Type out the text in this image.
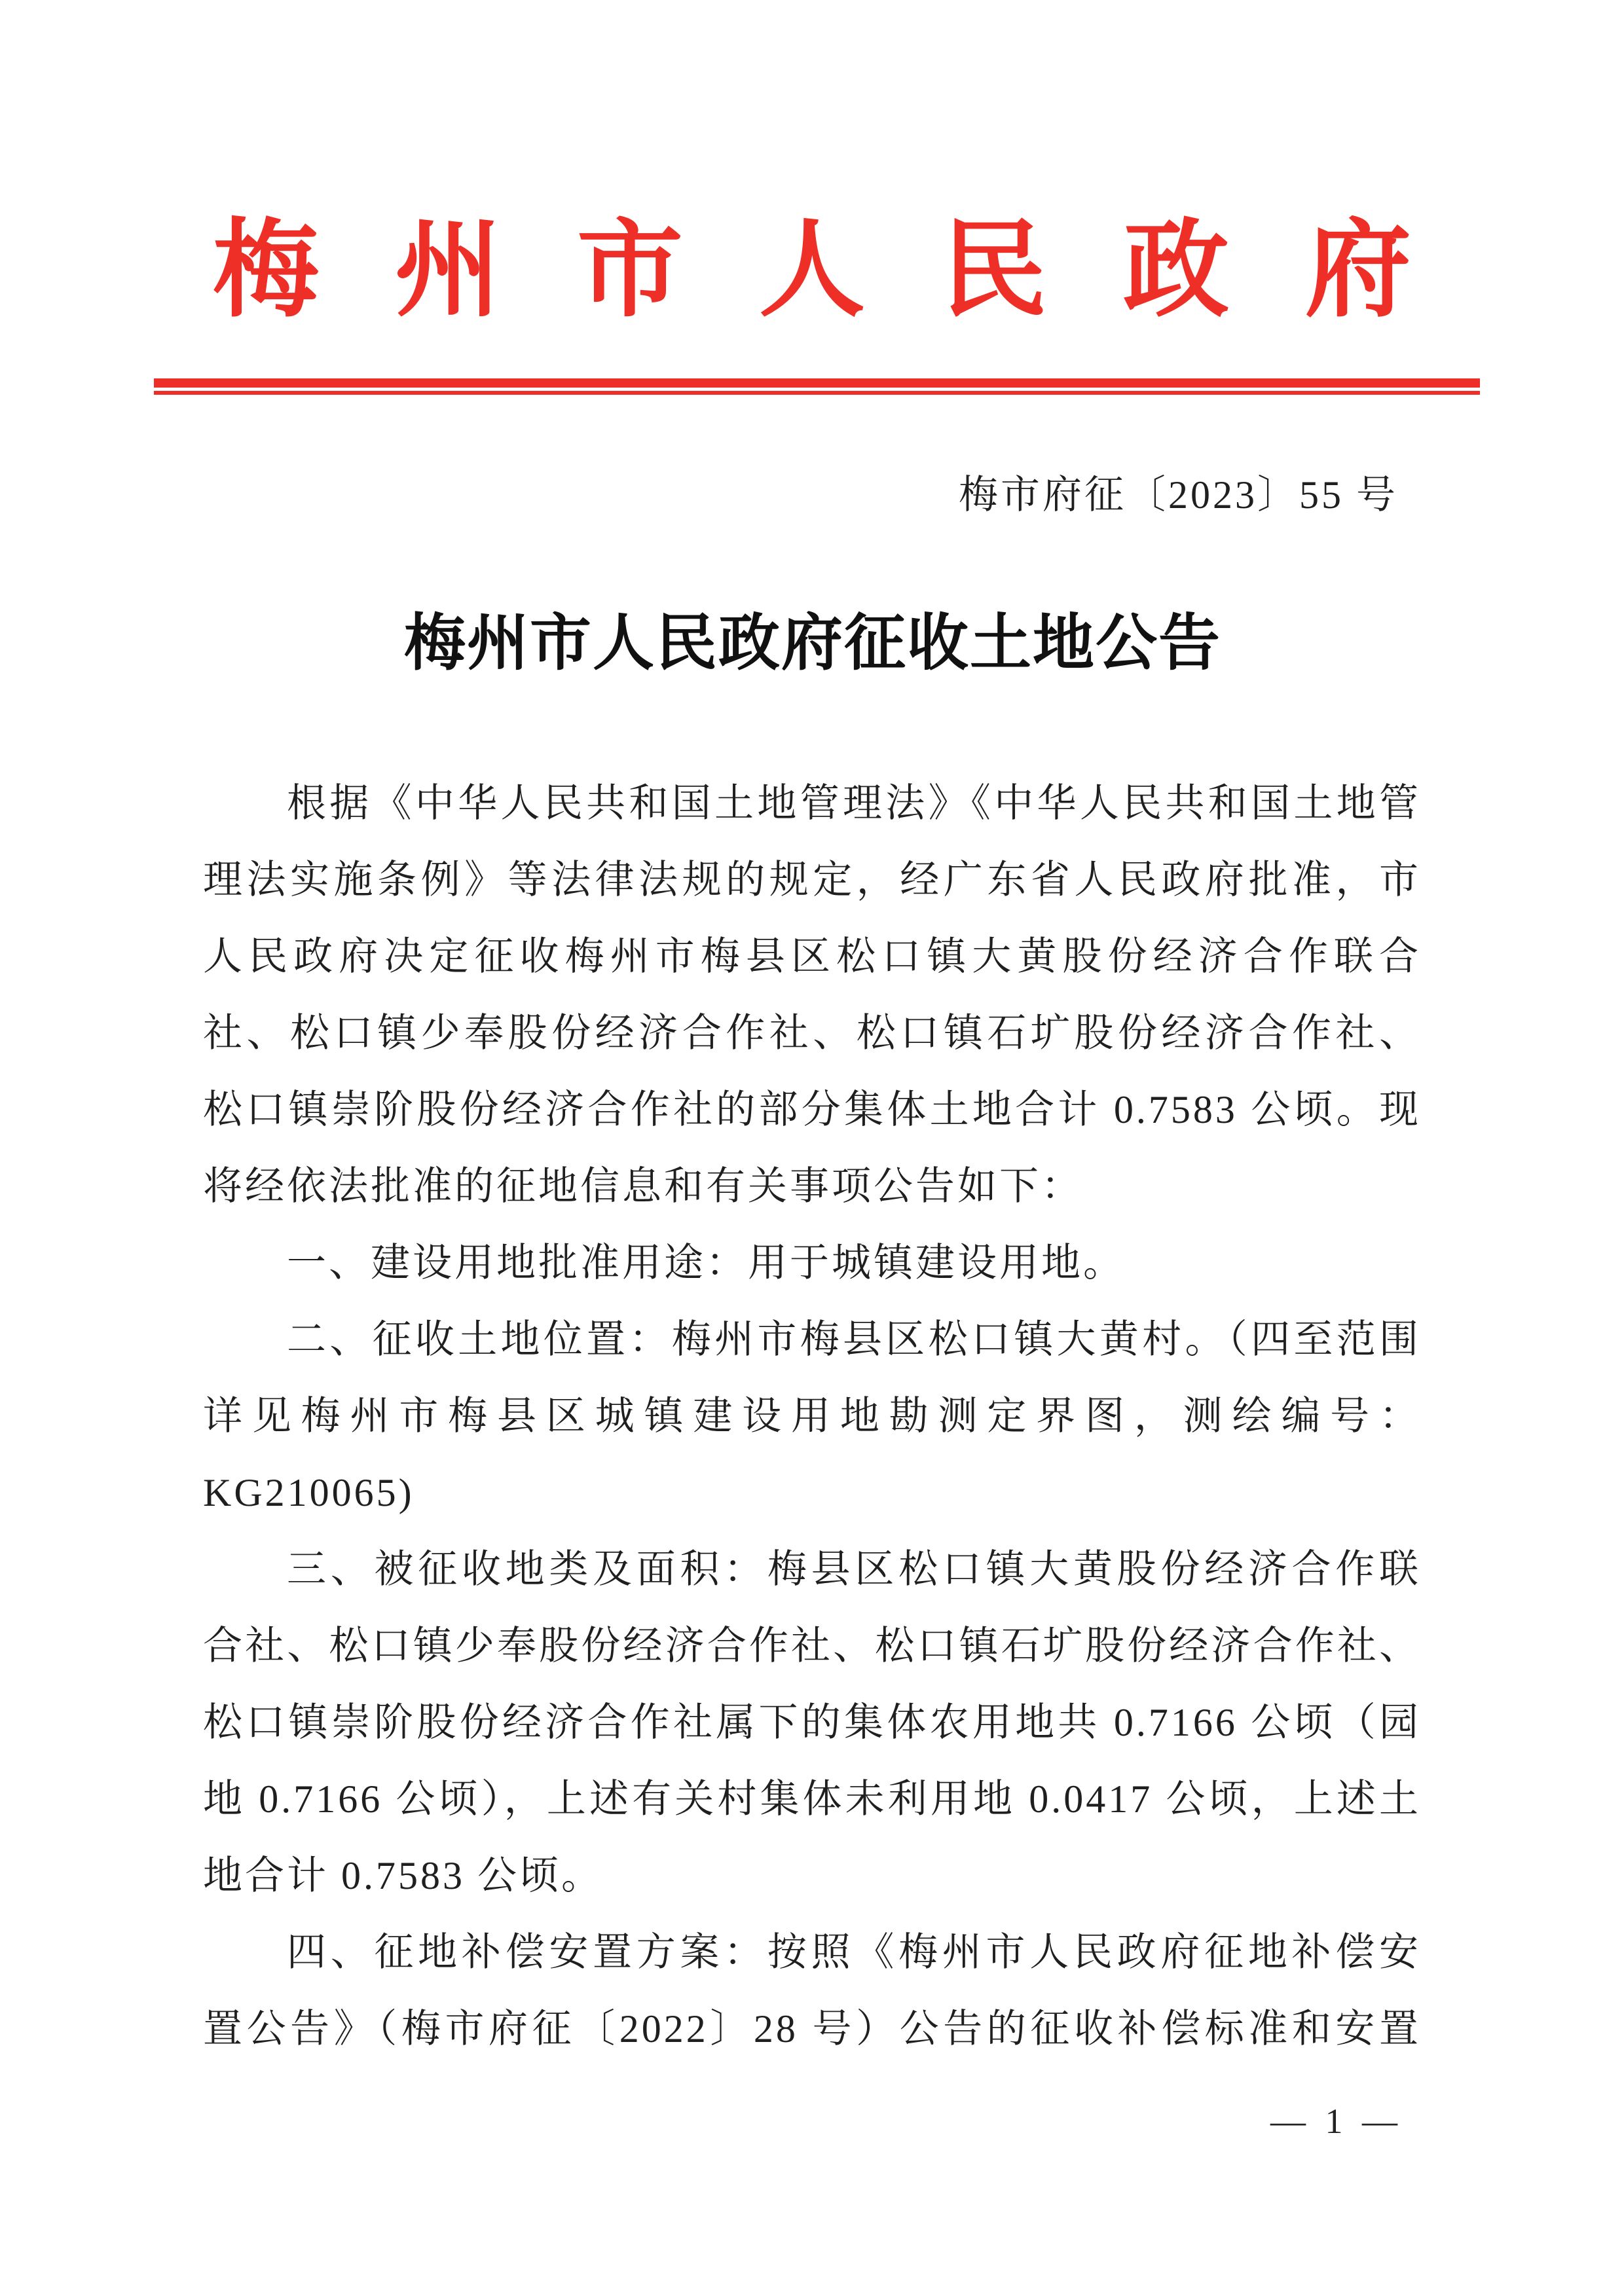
梅州市人民政府
梅市府征〔2023〕55 号
梅州市人民政府征收土地公告
根据《中华人民共和国土地管理法》《中华人民共和国土地管
理法实施条例》等法律法规的规定，经广东省人民政府批准，市
人民政府决定征收梅州市梅县区松口镇大黄股份经济合作联合
社、松口镇少奉股份经济合作社、松口镇石圹股份经济合作社、
松口镇崇阶股份经济合作社的部分集体土地合计 0.7583 公顷。现
将经依法批准的征地信息和有关事项公告如下：
一、建设用地批准用途：用于城镇建设用地。
二、征收土地位置：梅州市梅县区松口镇大黄村。（四至范围
详见梅州市梅县区城镇建设用地勘测定界图，测绘编号：
KG210065)
三、被征收地类及面积：梅县区松口镇大黄股份经济合作联
合社、松口镇少奉股份经济合作社、松口镇石圹股份经济合作社、
松口镇崇阶股份经济合作社属下的集体农用地共 0.7166 公顷（园
地 0.7166 公顷），上述有关村集体未利用地 0.0417 公顷，上述土
地合计 0.7583 公顷。
四、征地补偿安置方案：按照《梅州市人民政府征地补偿安
置公告》（梅市府征〔2022〕28 号）公告的征收补偿标准和安置
— 1 —
